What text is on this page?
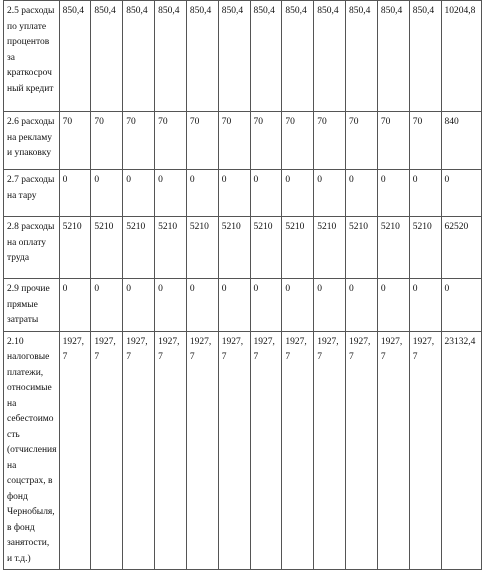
2.5 расходы по уплате процентов за краткосрочный кредит	850,4	850,4	850,4	850,4	850,4	850,4	850,4	850,4	850,4	850,4	850,4	850,4	10204,8
2.6 расходы на рекламу и упаковку	70	70	70	70	70	70	70	70	70	70	70	70	840
2.7 расходы на тару	0	0	0	0	0	0	0	0	0	0	0	0	0
2.8 расходы на оплату труда	5210	5210	5210	5210	5210	5210	5210	5210	5210	5210	5210	5210	62520
2.9 прочие прямые затраты	0	0	0	0	0	0	0	0	0	0	0	0	0
2.10 налоговые платежи, относимые на себестоимость (отчисления на соцстрах, в фонд Чернобыля, в фонд занятости, и т.д.)	1927,7	1927,7	1927,7	1927,7	1927,7	1927,7	1927,7	1927,7	1927,7	1927,7	1927,7	1927,7	23132,4
